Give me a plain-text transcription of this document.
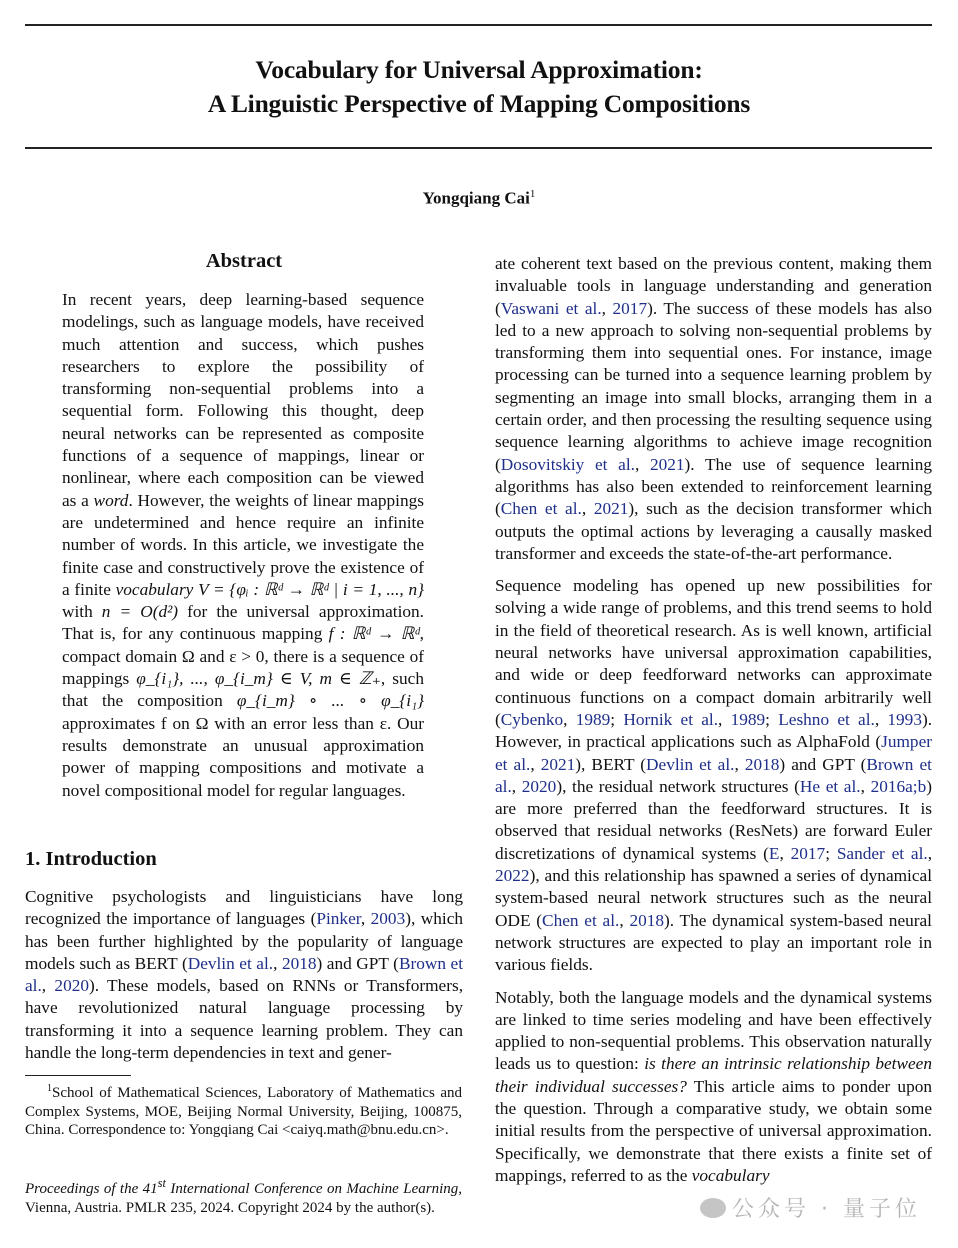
Vocabulary for Universal Approximation:
A Linguistic Perspective of Mapping Compositions
Yongqiang Cai$^1$
Abstract
In recent years, deep learning-based sequence modelings, such as language models, have received much attention and success, which pushes researchers to explore the possibility of transforming non-sequential problems into a sequential form. Following this thought, deep neural networks can be represented as composite functions of a sequence of mappings, linear or nonlinear, where each composition can be viewed as a word. However, the weights of linear mappings are undetermined and hence require an infinite number of words. In this article, we investigate the finite case and constructively prove the existence of a finite vocabulary V = {φᵢ : ℝᵈ → ℝᵈ | i = 1, ..., n} with n = O(d²) for the universal approximation. That is, for any continuous mapping f : ℝᵈ → ℝᵈ, compact domain Ω and ε > 0, there is a sequence of mappings φ_{i₁}, ..., φ_{i_m} ∈ V, m ∈ ℤ₊, such that the composition φ_{i_m} ∘ ... ∘ φ_{i₁} approximates f on Ω with an error less than ε. Our results demonstrate an unusual approximation power of mapping compositions and motivate a novel compositional model for regular languages.
1. Introduction

Cognitive psychologists and linguisticians have long recognized the importance of languages (Pinker, 2003), which has been further highlighted by the popularity of language models such as BERT (Devlin et al., 2018) and GPT (Brown et al., 2020). These models, based on RNNs or Transformers, have revolutionized natural language processing by transforming it into a sequence learning problem. They can handle the long-term dependencies in text and gener-

ate coherent text based on the previous content, making them invaluable tools in language understanding and generation (Vaswani et al., 2017). The success of these models has also led to a new approach to solving non-sequential problems by transforming them into sequential ones. For instance, image processing can be turned into a sequence learning problem by segmenting an image into small blocks, arranging them in a certain order, and then processing the resulting sequence using sequence learning algorithms to achieve image recognition (Dosovitskiy et al., 2021). The use of sequence learning algorithms has also been extended to reinforcement learning (Chen et al., 2021), such as the decision transformer which outputs the optimal actions by leveraging a causally masked transformer and exceeds the state-of-the-art performance.

Sequence modeling has opened up new possibilities for solving a wide range of problems, and this trend seems to hold in the field of theoretical research. As is well known, artificial neural networks have universal approximation capabilities, and wide or deep feedforward networks can approximate continuous functions on a compact domain arbitrarily well (Cybenko, 1989; Hornik et al., 1989; Leshno et al., 1993). However, in practical applications such as AlphaFold (Jumper et al., 2021), BERT (Devlin et al., 2018) and GPT (Brown et al., 2020), the residual network structures (He et al., 2016a;b) are more preferred than the feedforward structures. It is observed that residual networks (ResNets) are forward Euler discretizations of dynamical systems (E, 2017; Sander et al., 2022), and this relationship has spawned a series of dynamical system-based neural network structures such as the neural ODE (Chen et al., 2018). The dynamical system-based neural network structures are expected to play an important role in various fields.

Notably, both the language models and the dynamical systems are linked to time series modeling and have been effectively applied to non-sequential problems. This observation naturally leads us to question: is there an intrinsic relationship between their individual successes? This article aims to ponder upon the question. Through a comparative study, we obtain some initial results from the perspective of universal approximation. Specifically, we demonstrate that there exists a finite set of mappings, referred to as the vocabulary

$^1$School of Mathematical Sciences, Laboratory of Mathematics and Complex Systems, MOE, Beijing Normal University, Beijing, 100875, China. Correspondence to: Yongqiang Cai <caiyq.math@bnu.edu.cn>.
Proceedings of the 41st International Conference on Machine Learning, Vienna, Austria. PMLR 235, 2024. Copyright 2024 by the author(s).	公众号 · 量子位
